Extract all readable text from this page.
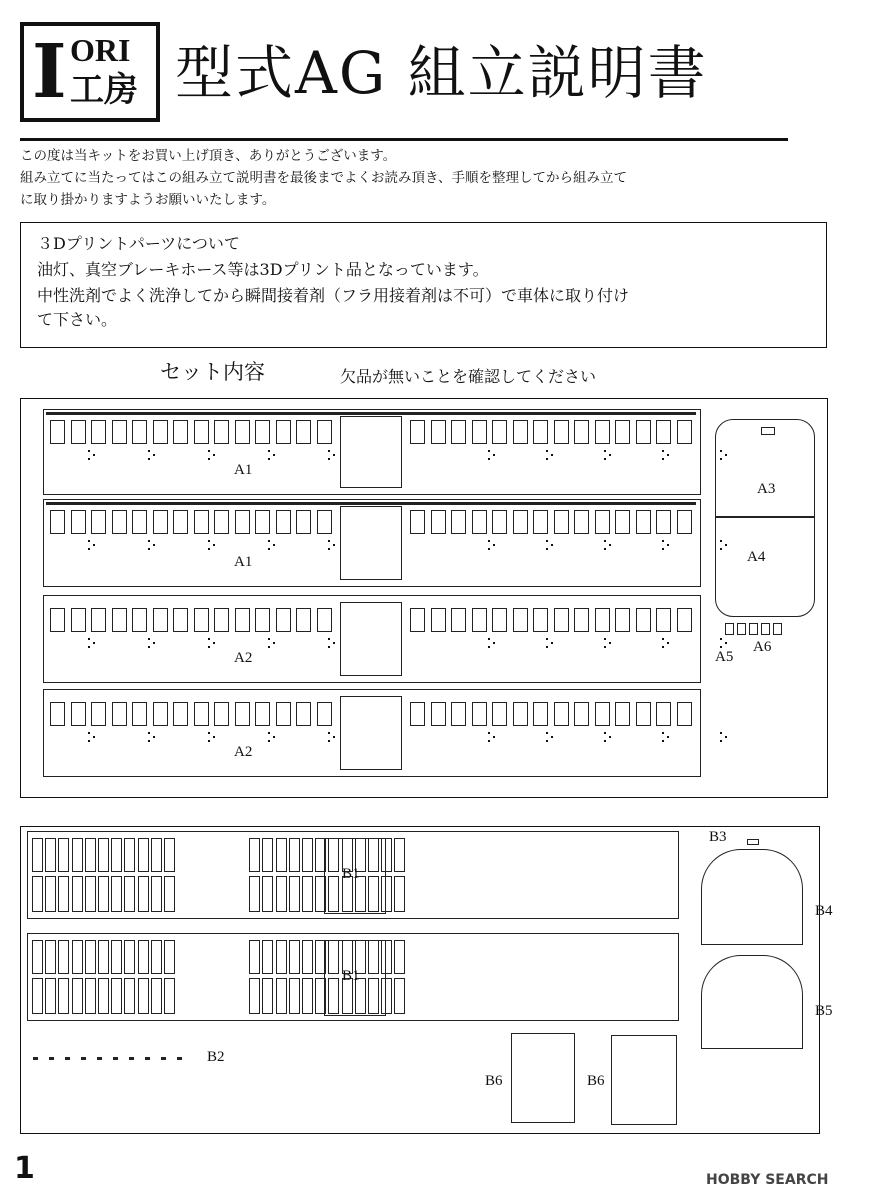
I ORI
工房 型式AG 組立説明書
この度は当キットをお買い上げ頂き、ありがとうございます。
組み立てに当たってはこの組み立て説明書を最後までよくお読み頂き、手順を整理してから組み立て
に取り掛かりますようお願いいたします。
３Dプリントパーツについて
油灯、真空ブレーキホース等は3Dプリント品となっています。
中性洗剤でよく洗浄してから瞬間接着剤（フラ用接着剤は不可）で車体に取り付け
て下さい。
セット内容	欠品が無いことを確認してください
A1
A1
A2
A2
A3
A4
A5
A6
B1
B1
B3
B4
B5
B2
B6	B6
1	HOBBY SEARCH
